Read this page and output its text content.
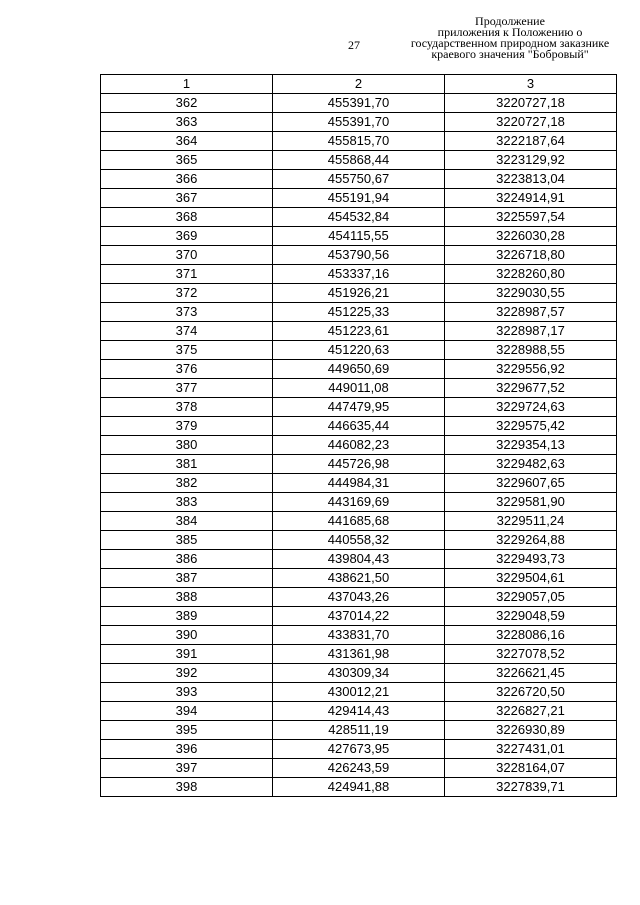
27
Продолжение
приложения к Положению о
государственном природном заказнике
краевого значения "Бобровый"
1	2	3
362	455391,70	3220727,18
363	455391,70	3220727,18
364	455815,70	3222187,64
365	455868,44	3223129,92
366	455750,67	3223813,04
367	455191,94	3224914,91
368	454532,84	3225597,54
369	454115,55	3226030,28
370	453790,56	3226718,80
371	453337,16	3228260,80
372	451926,21	3229030,55
373	451225,33	3228987,57
374	451223,61	3228987,17
375	451220,63	3228988,55
376	449650,69	3229556,92
377	449011,08	3229677,52
378	447479,95	3229724,63
379	446635,44	3229575,42
380	446082,23	3229354,13
381	445726,98	3229482,63
382	444984,31	3229607,65
383	443169,69	3229581,90
384	441685,68	3229511,24
385	440558,32	3229264,88
386	439804,43	3229493,73
387	438621,50	3229504,61
388	437043,26	3229057,05
389	437014,22	3229048,59
390	433831,70	3228086,16
391	431361,98	3227078,52
392	430309,34	3226621,45
393	430012,21	3226720,50
394	429414,43	3226827,21
395	428511,19	3226930,89
396	427673,95	3227431,01
397	426243,59	3228164,07
398	424941,88	3227839,71
